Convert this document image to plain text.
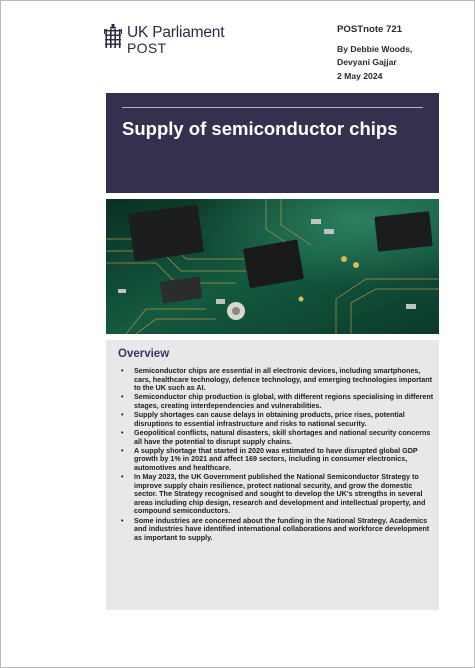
UK Parliament
POST
POSTnote 721
By Debbie Woods,
Devyani Gajjar
2 May 2024
Supply of semiconductor chips
Overview
• Semiconductor chips are essential in all electronic devices, including smartphones, cars, healthcare technology, defence technology, and emerging technologies important to the UK such as AI.
• Semiconductor chip production is global, with different regions specialising in different stages, creating interdependencies and vulnerabilities.
• Supply shortages can cause delays in obtaining products, price rises, potential disruptions to essential infrastructure and risks to national security.
• Geopolitical conflicts, natural disasters, skill shortages and national security concerns all have the potential to disrupt supply chains.
• A supply shortage that started in 2020 was estimated to have disrupted global GDP growth by 1% in 2021 and affect 169 sectors, including in consumer electronics, automotives and healthcare.
• In May 2023, the UK Government published the National Semiconductor Strategy to improve supply chain resilience, protect national security, and grow the domestic sector. The Strategy recognised and sought to develop the UK's strengths in several areas including chip design, research and development and intellectual property, and compound semiconductors.
• Some industries are concerned about the funding in the National Strategy. Academics and industries have identified international collaborations and workforce development as important to supply.
